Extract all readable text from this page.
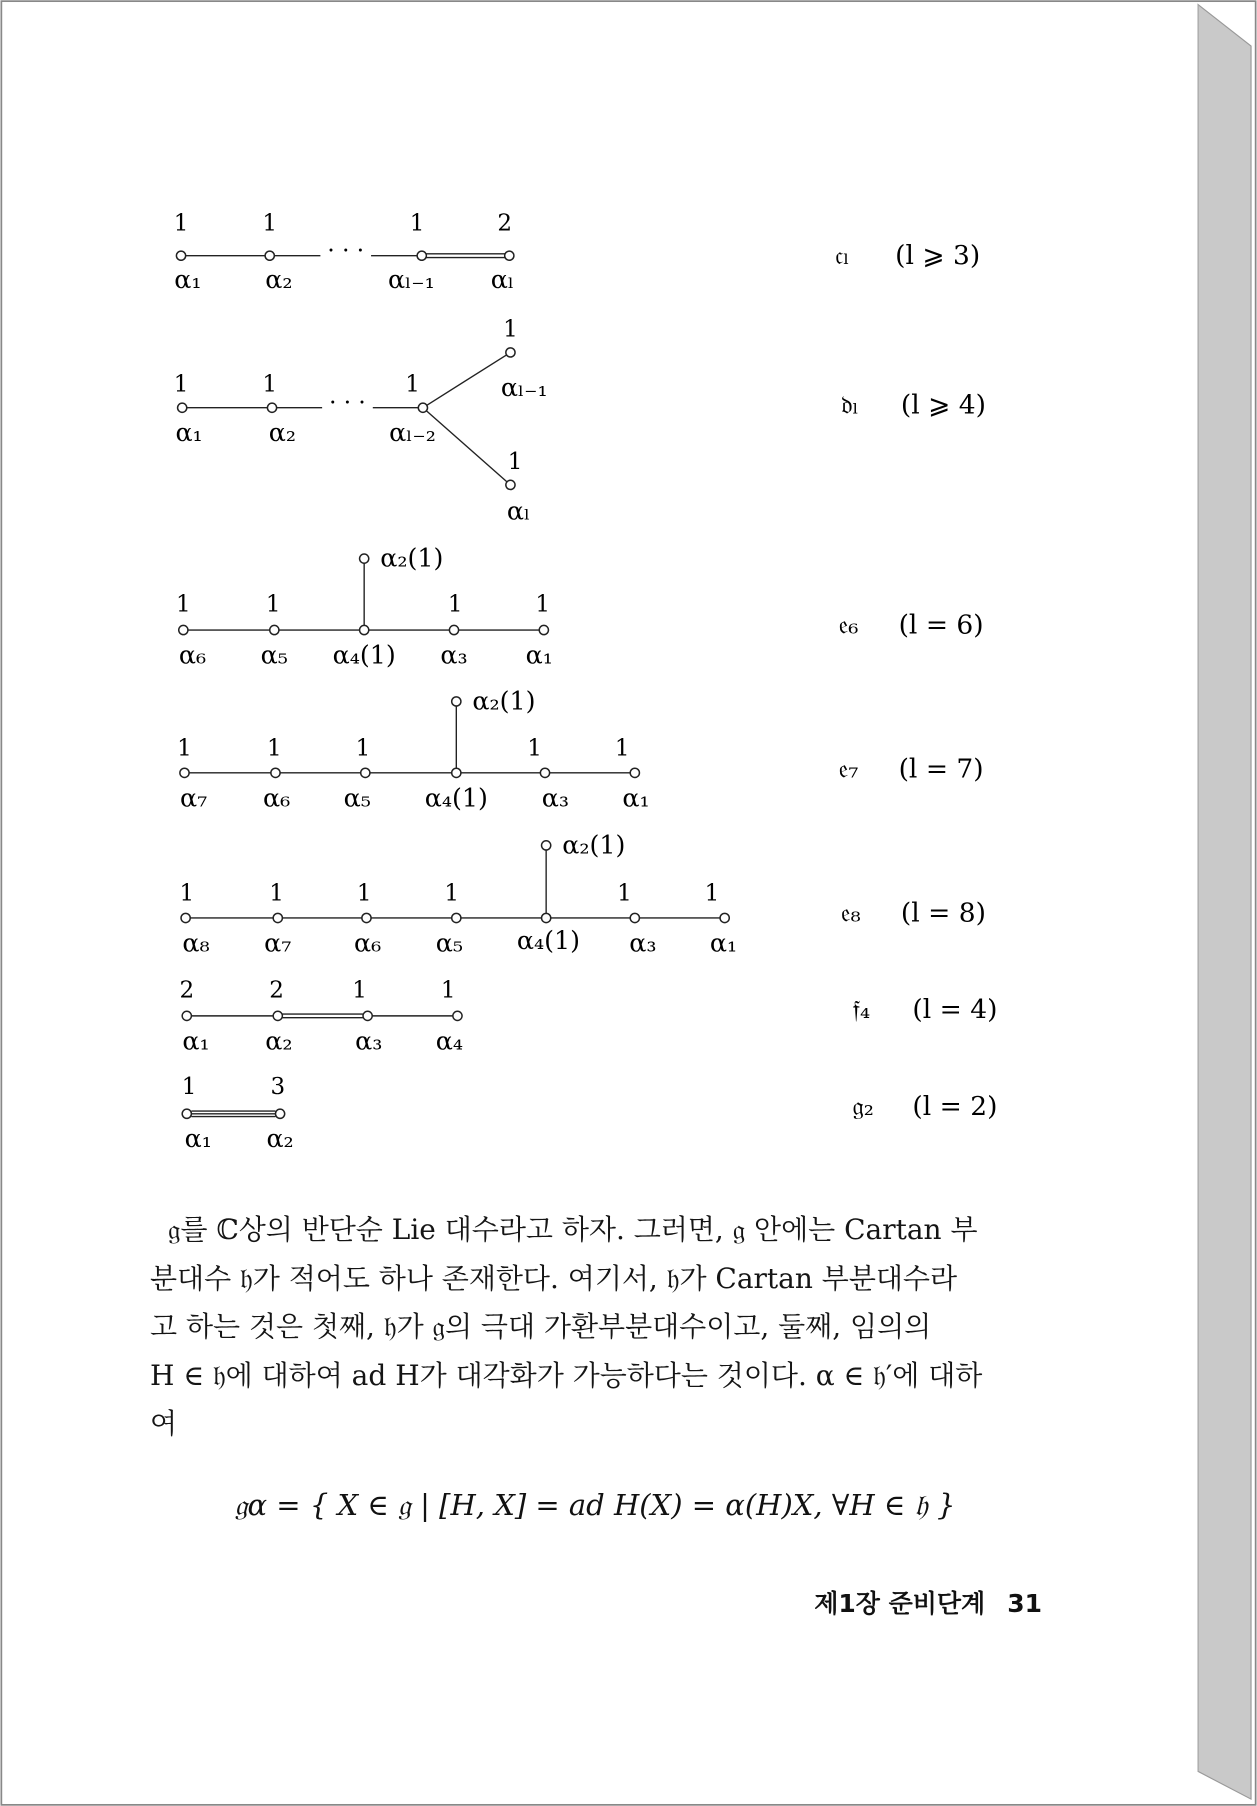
· · ·
1	1	1	2
α₁	α₂	αₗ₋₁	αₗ
𝔠ₗ (l ⩾ 3)
· · ·
1	1	1
1
1
α₁	α₂	αₗ₋₂
αₗ₋₁
αₗ
𝔡ₗ (l ⩾ 4)
1	1	1	1
α₆ α₅ α₄(1) α₃	α₁
α₂(1)
𝔢₆ (l = 6)
1	1	1	1	1
α₇	α₆ α₅ α₄(1) α₃ α₁
α₂(1)
𝔢₇ (l = 7)
1	1	1	1	1	1
α₈ α₇	α₆ α₅ α₄(1) α₃ α₁
α₂(1)
𝔢₈ (l = 8)
2	2	1	1
α₁	α₂	α₃ α₄
𝔣₄ (l = 4)
1	3
α₁ α₂
𝔤₂ (l = 2)
𝔤를 ℂ상의 반단순 Lie 대수라고 하자. 그러면, 𝔤 안에는 Cartan 부
분대수 𝔥가 적어도 하나 존재한다. 여기서, 𝔥가 Cartan 부분대수라
고 하는 것은 첫째, 𝔥가 𝔤의 극대 가환부분대수이고, 둘째, 임의의
H ∈ 𝔥에 대하여 ad H가 대각화가 가능하다는 것이다. α ∈ 𝔥′에 대하
여
𝔤α = { X ∈ 𝔤 | [H, X] = ad H(X) = α(H)X, ∀H ∈ 𝔥 }
제1장 준비단계 31
